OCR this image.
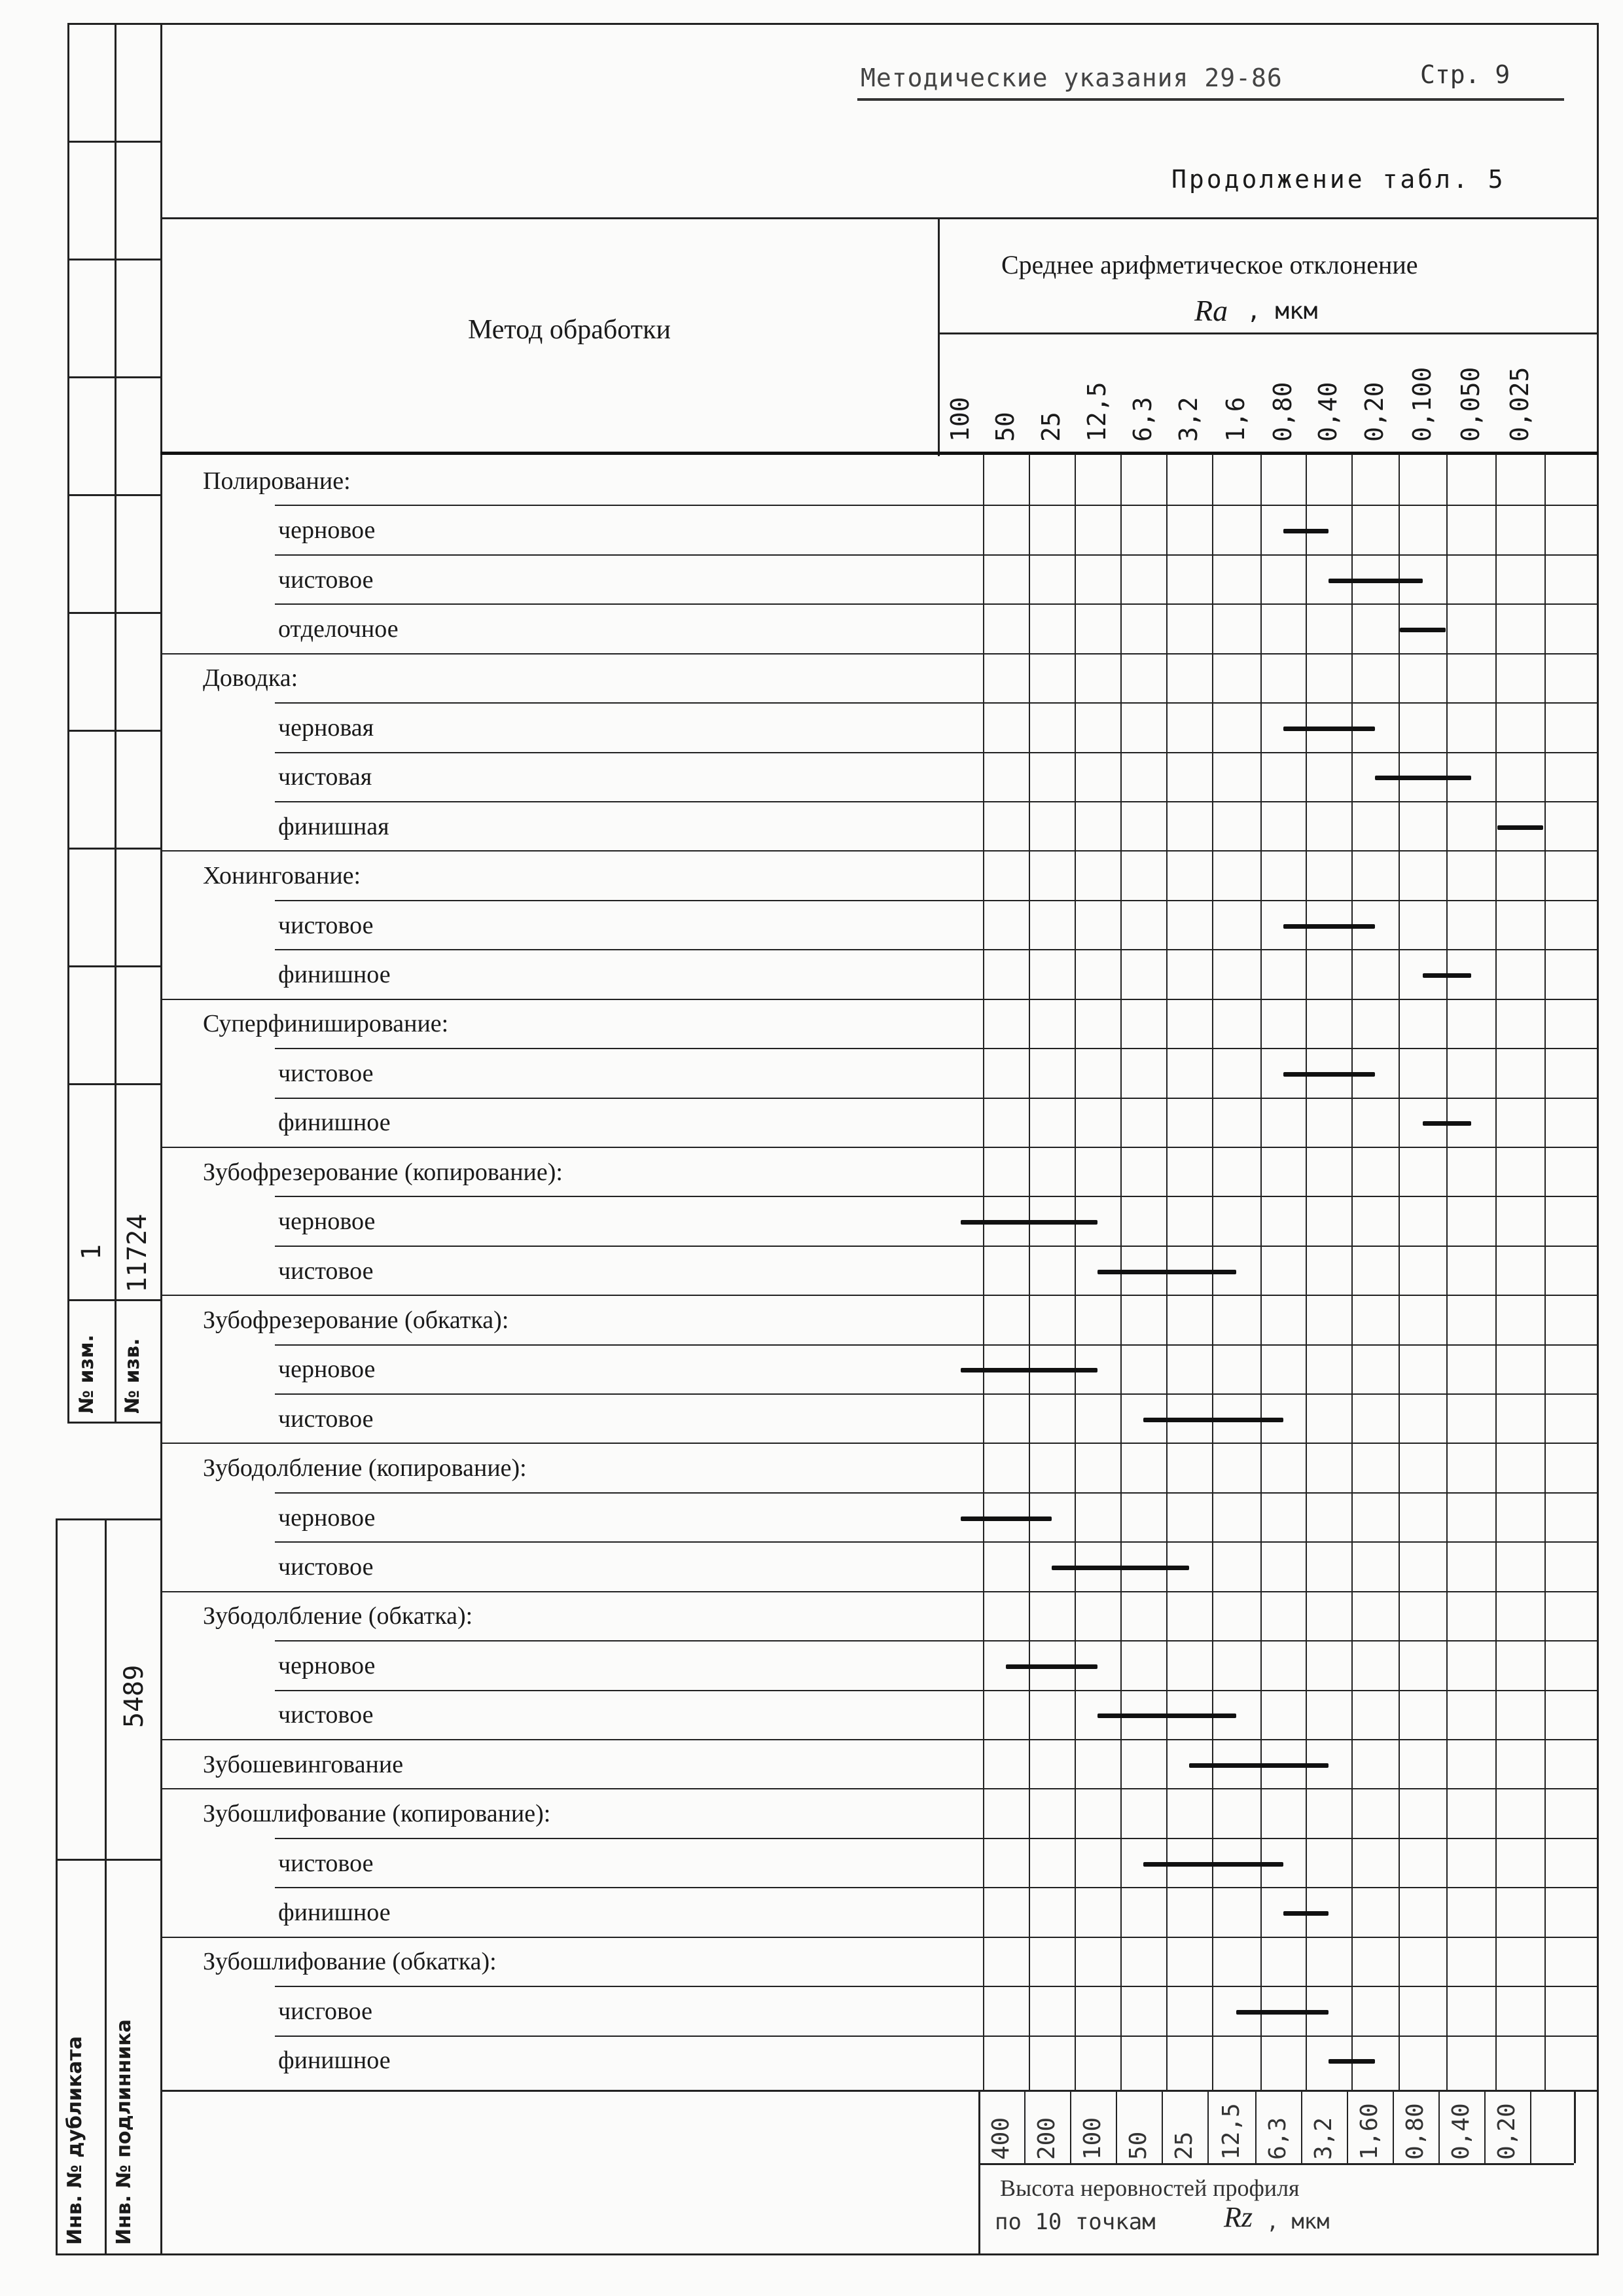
1 11724
№ изм. № изв.
5489
Инв. № дубликата Инв. № подлинника
Методические указания 29-86	Стр. 9
Продолжение табл. 5
Метод обработки
Среднее арифметическое отклонение
Ra , мкм
100 50 25 12,5 6,3 3,2 1,6 0,80 0,40 0,20 0,100 0,050 0,025
Полирование:
черновое
чистовое
отделочное
Доводка:
черновая
чистовая
финишная
Хонингование:
чистовое
финишное
Суперфиниширование:
чистовое
финишное
Зубофрезерование (копирование):
черновое
чистовое
Зубофрезерование (обкатка):
черновое
чистовое
Зубодолбление (копирование):
черновое
чистовое
Зубодолбление (обкатка):
черновое
чистовое
Зубошевингование
Зубошлифование (копирование):
чистовое
финишное
Зубошлифование (обкатка):
чисговое
финишное
400 200 100 50 25 12,5 6,3 3,2 1,60 0,80 0,40 0,20
Высота неровностей профиля
по 10 точкам Rz , мкм
